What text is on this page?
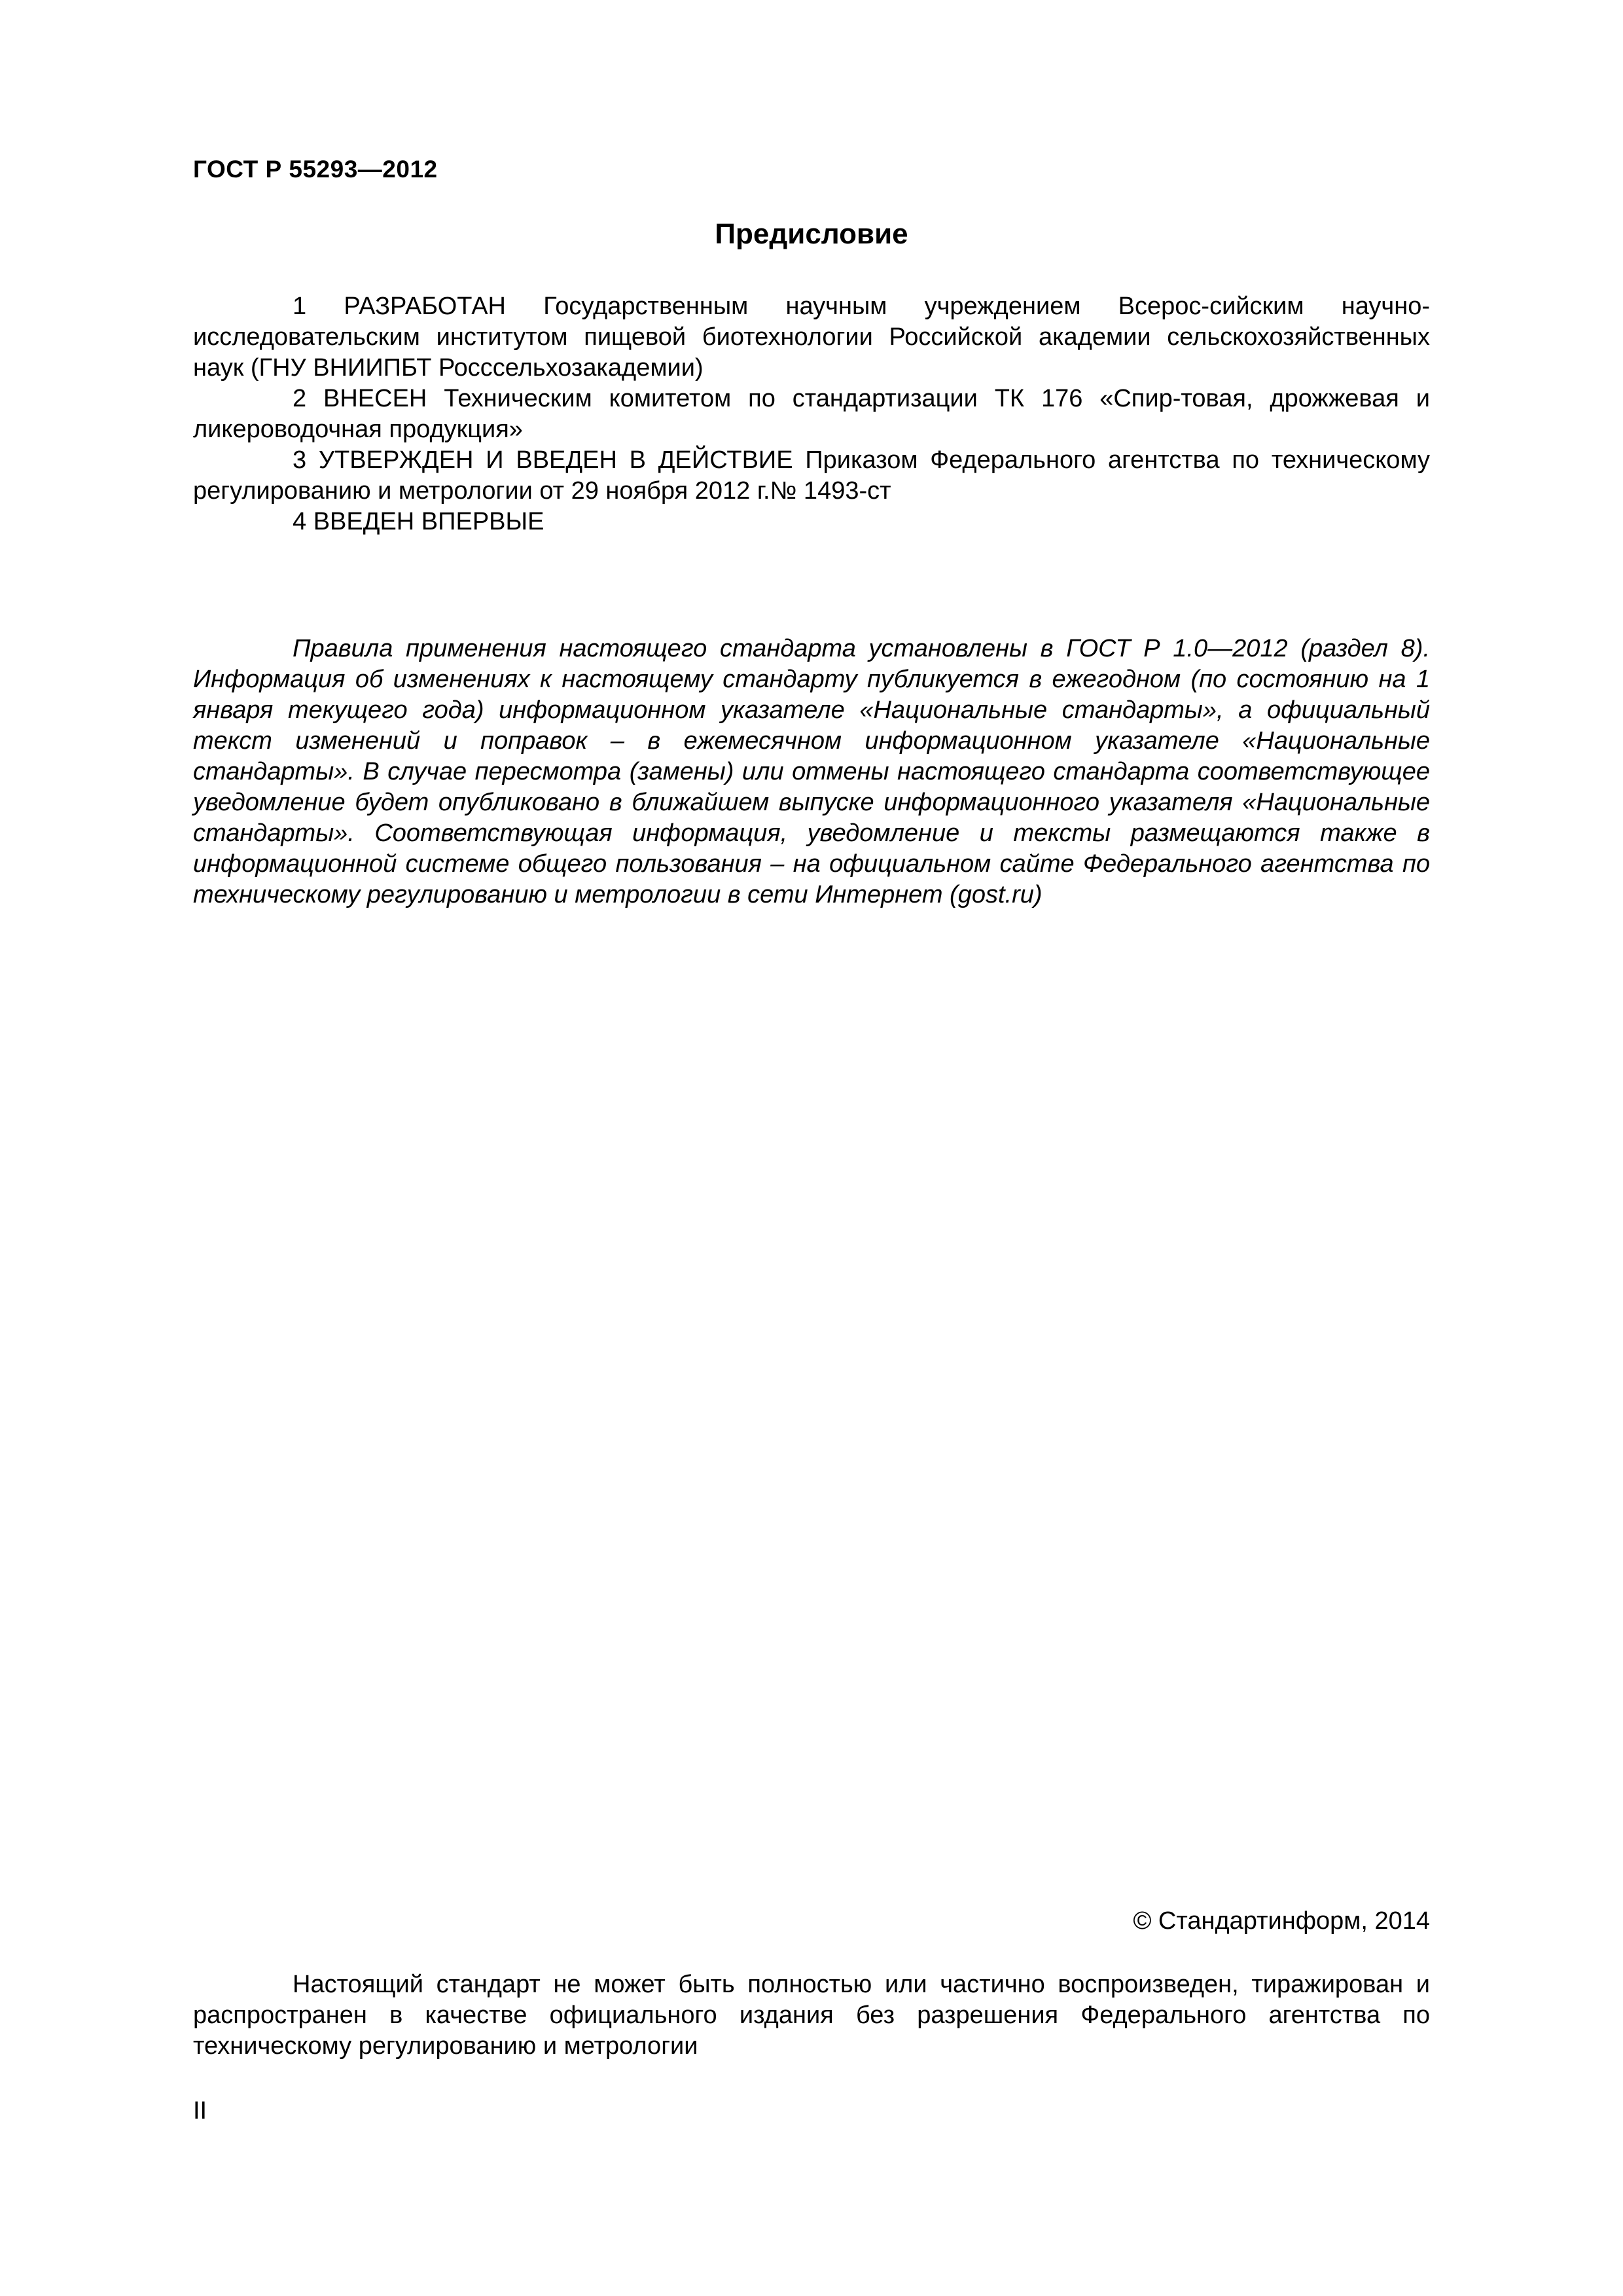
ГОСТ Р 55293—2012
Предисловие

1 РАЗРАБОТАН Государственным научным учреждением Всерос-сийским научно-исследовательским институтом пищевой биотехнологии Российской академии сельскохозяйственных наук (ГНУ ВНИИПБТ Росссельхозакадемии)

2 ВНЕСЕН Техническим комитетом по стандартизации ТК 176 «Спир-товая, дрожжевая и ликероводочная продукция»

3 УТВЕРЖДЕН И ВВЕДЕН В ДЕЙСТВИЕ Приказом Федерального агентства по техническому регулированию и метрологии от 29 ноября 2012 г.№ 1493-ст

4 ВВЕДЕН ВПЕРВЫЕ

Правила применения настоящего стандарта установлены в ГОСТ Р 1.0—2012 (раздел 8). Информация об изменениях к настоящему стандарту публикуется в ежегодном (по состоянию на 1 января текущего года) информационном указателе «Национальные стандарты», а официальный текст изменений и поправок – в ежемесячном информационном указателе «Национальные стандарты». В случае пересмотра (замены) или отмены настоящего стандарта соответствующее уведомление будет опубликовано в ближайшем выпуске информационного указателя «Национальные стандарты». Соответствующая информация, уведомление и тексты размещаются также в информационной системе общего пользования – на официальном сайте Федерального агентства по техническому регулированию и метрологии в сети Интернет (gost.ru)

© Стандартинформ, 2014

Настоящий стандарт не может быть полностью или частично воспроизведен, тиражирован и распространен в качестве официального издания без разрешения Федерального агентства по техническому регулированию и метрологии

II
